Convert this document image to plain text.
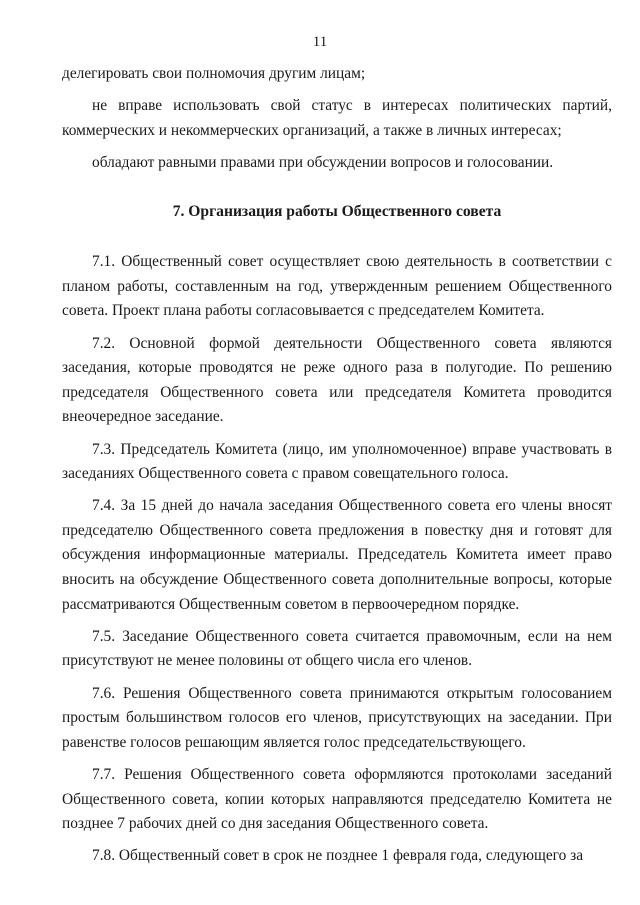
11

делегировать свои полномочия другим лицам;

не вправе использовать свой статус в интересах политических партий, коммерческих и некоммерческих организаций, а также в личных интересах;

обладают равными правами при обсуждении вопросов и голосовании.

7. Организация работы Общественного совета

7.1. Общественный совет осуществляет свою деятельность в соответствии с планом работы, составленным на год, утвержденным решением Общественного совета. Проект плана работы согласовывается с председателем Комитета.

7.2. Основной формой деятельности Общественного совета являются заседания, которые проводятся не реже одного раза в полугодие. По решению председателя Общественного совета или председателя Комитета проводится внеочередное заседание.

7.3. Председатель Комитета (лицо, им уполномоченное) вправе участвовать в заседаниях Общественного совета с правом совещательного голоса.

7.4. За 15 дней до начала заседания Общественного совета его члены вносят председателю Общественного совета предложения в повестку дня и готовят для обсуждения информационные материалы. Председатель Комитета имеет право вносить на обсуждение Общественного совета дополнительные вопросы, которые рассматриваются Общественным советом в первоочередном порядке.

7.5. Заседание Общественного совета считается правомочным, если на нем присутствуют не менее половины от общего числа его членов.

7.6. Решения Общественного совета принимаются открытым голосованием простым большинством голосов его членов, присутствующих на заседании. При равенстве голосов решающим является голос председательствующего.

7.7. Решения Общественного совета оформляются протоколами заседаний Общественного совета, копии которых направляются председателю Комитета не позднее 7 рабочих дней со дня заседания Общественного совета.

7.8. Общественный совет в срок не позднее 1 февраля года, следующего за
